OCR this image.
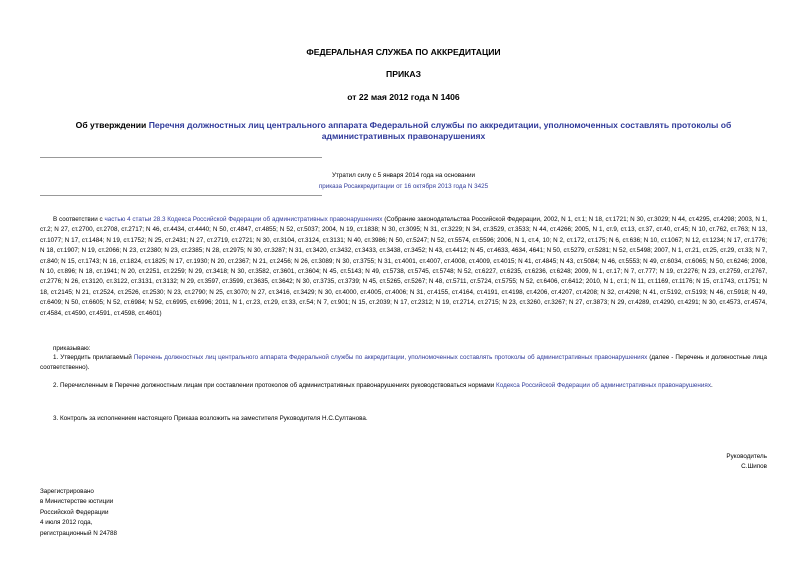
ФЕДЕРАЛЬНАЯ СЛУЖБА ПО АККРЕДИТАЦИИ
ПРИКАЗ
от 22 мая 2012 года N 1406
Об утверждении Перечня должностных лиц центрального аппарата Федеральной службы по аккредитации, уполномоченных составлять протоколы об административных правонарушениях
Утратил силу с 5 января 2014 года на основании
приказа Росаккредитации от 16 октября 2013 года N 3425
В соответствии с частью 4 статьи 28.3 Кодекса Российской Федерации об административных правонарушениях (Собрание законодательства Российской Федерации, 2002, N 1, ст.1; N 18, ст.1721; N 30, ст.3029; N 44, ст.4295, ст.4298; 2003, N 1, ст.2; N 27, ст.2700, ст.2708, ст.2717; N 46, ст.4434, ст.4440; N 50, ст.4847, ст.4855; N 52, ст.5037; 2004, N 19, ст.1838; N 30, ст.3095; N 31, ст.3229; N 34, ст.3529, ст.3533; N 44, ст.4266; 2005, N 1, ст.9, ст.13, ст.37, ст.40, ст.45; N 10, ст.762, ст.763; N 13, ст.1077; N 17, ст.1484; N 19, ст.1752; N 25, ст.2431; N 27, ст.2719, ст.2721; N 30, ст.3104, ст.3124, ст.3131; N 40, ст.3986; N 50, ст.5247; N 52, ст.5574, ст.5596; 2006, N 1, ст.4, 10; N 2, ст.172, ст.175; N 6, ст.636; N 10, ст.1067; N 12, ст.1234; N 17, ст.1776; N 18, ст.1907; N 19, ст.2066; N 23, ст.2380; N 23, ст.2385; N 28, ст.2975; N 30, ст.3287; N 31, ст.3420, ст.3432, ст.3433, ст.3438, ст.3452; N 43, ст.4412; N 45, ст.4633, 4634, 4641; N 50, ст.5279, ст.5281; N 52, ст.5498; 2007, N 1, ст.21, ст.25, ст.29, ст.33; N 7, ст.840; N 15, ст.1743; N 16, ст.1824, ст.1825; N 17, ст.1930; N 20, ст.2367; N 21, ст.2456; N 26, ст.3089; N 30, ст.3755; N 31, ст.4001, ст.4007, ст.4008, ст.4009, ст.4015; N 41, ст.4845; N 43, ст.5084; N 46, ст.5553; N 49, ст.6034, ст.6065; N 50, ст.6246; 2008, N 10, ст.896; N 18, ст.1941; N 20, ст.2251, ст.2259; N 29, ст.3418; N 30, ст.3582, ст.3601, ст.3604; N 45, ст.5143; N 49, ст.5738, ст.5745, ст.5748; N 52, ст.6227, ст.6235, ст.6236, ст.6248; 2009, N 1, ст.17; N 7, ст.777; N 19, ст.2276; N 23, ст.2759, ст.2767, ст.2776; N 26, ст.3120, ст.3122, ст.3131, ст.3132; N 29, ст.3597, ст.3599, ст.3635, ст.3642; N 30, ст.3735, ст.3739; N 45, ст.5265, ст.5267; N 48, ст.5711, ст.5724, ст.5755; N 52, ст.6406, ст.6412; 2010, N 1, ст.1; N 11, ст.1169, ст.1176; N 15, ст.1743, ст.1751; N 18, ст.2145; N 21, ст.2524, ст.2526, ст.2530; N 23, ст.2790; N 25, ст.3070; N 27, ст.3416, ст.3429; N 30, ст.4000, ст.4005, ст.4006; N 31, ст.4155, ст.4164, ст.4191, ст.4198, ст.4206, ст.4207, ст.4208; N 32, ст.4298; N 41, ст.5192, ст.5193; N 46, ст.5918; N 49, ст.6409; N 50, ст.6605; N 52, ст.6984; N 52, ст.6995, ст.6996; 2011, N 1, ст.23, ст.29, ст.33, ст.54; N 7, ст.901; N 15, ст.2039; N 17, ст.2312; N 19, ст.2714, ст.2715; N 23, ст.3260, ст.3267; N 27, ст.3873; N 29, ст.4289, ст.4290, ст.4291; N 30, ст.4573, ст.4574, ст.4584, ст.4590, ст.4591, ст.4598, ст.4601)
приказываю:
1. Утвердить прилагаемый Перечень должностных лиц центрального аппарата Федеральной службы по аккредитации, уполномоченных составлять протоколы об административных правонарушениях (далее - Перечень и должностные лица соответственно).
2. Перечисленным в Перечне должностным лицам при составлении протоколов об административных правонарушениях руководствоваться нормами Кодекса Российской Федерации об административных правонарушениях.
3. Контроль за исполнением настоящего Приказа возложить на заместителя Руководителя Н.С.Султанова.
Руководитель
С.Шипов
Зарегистрировано
в Министерстве юстиции
Российской Федерации
4 июля 2012 года,
регистрационный N 24788
